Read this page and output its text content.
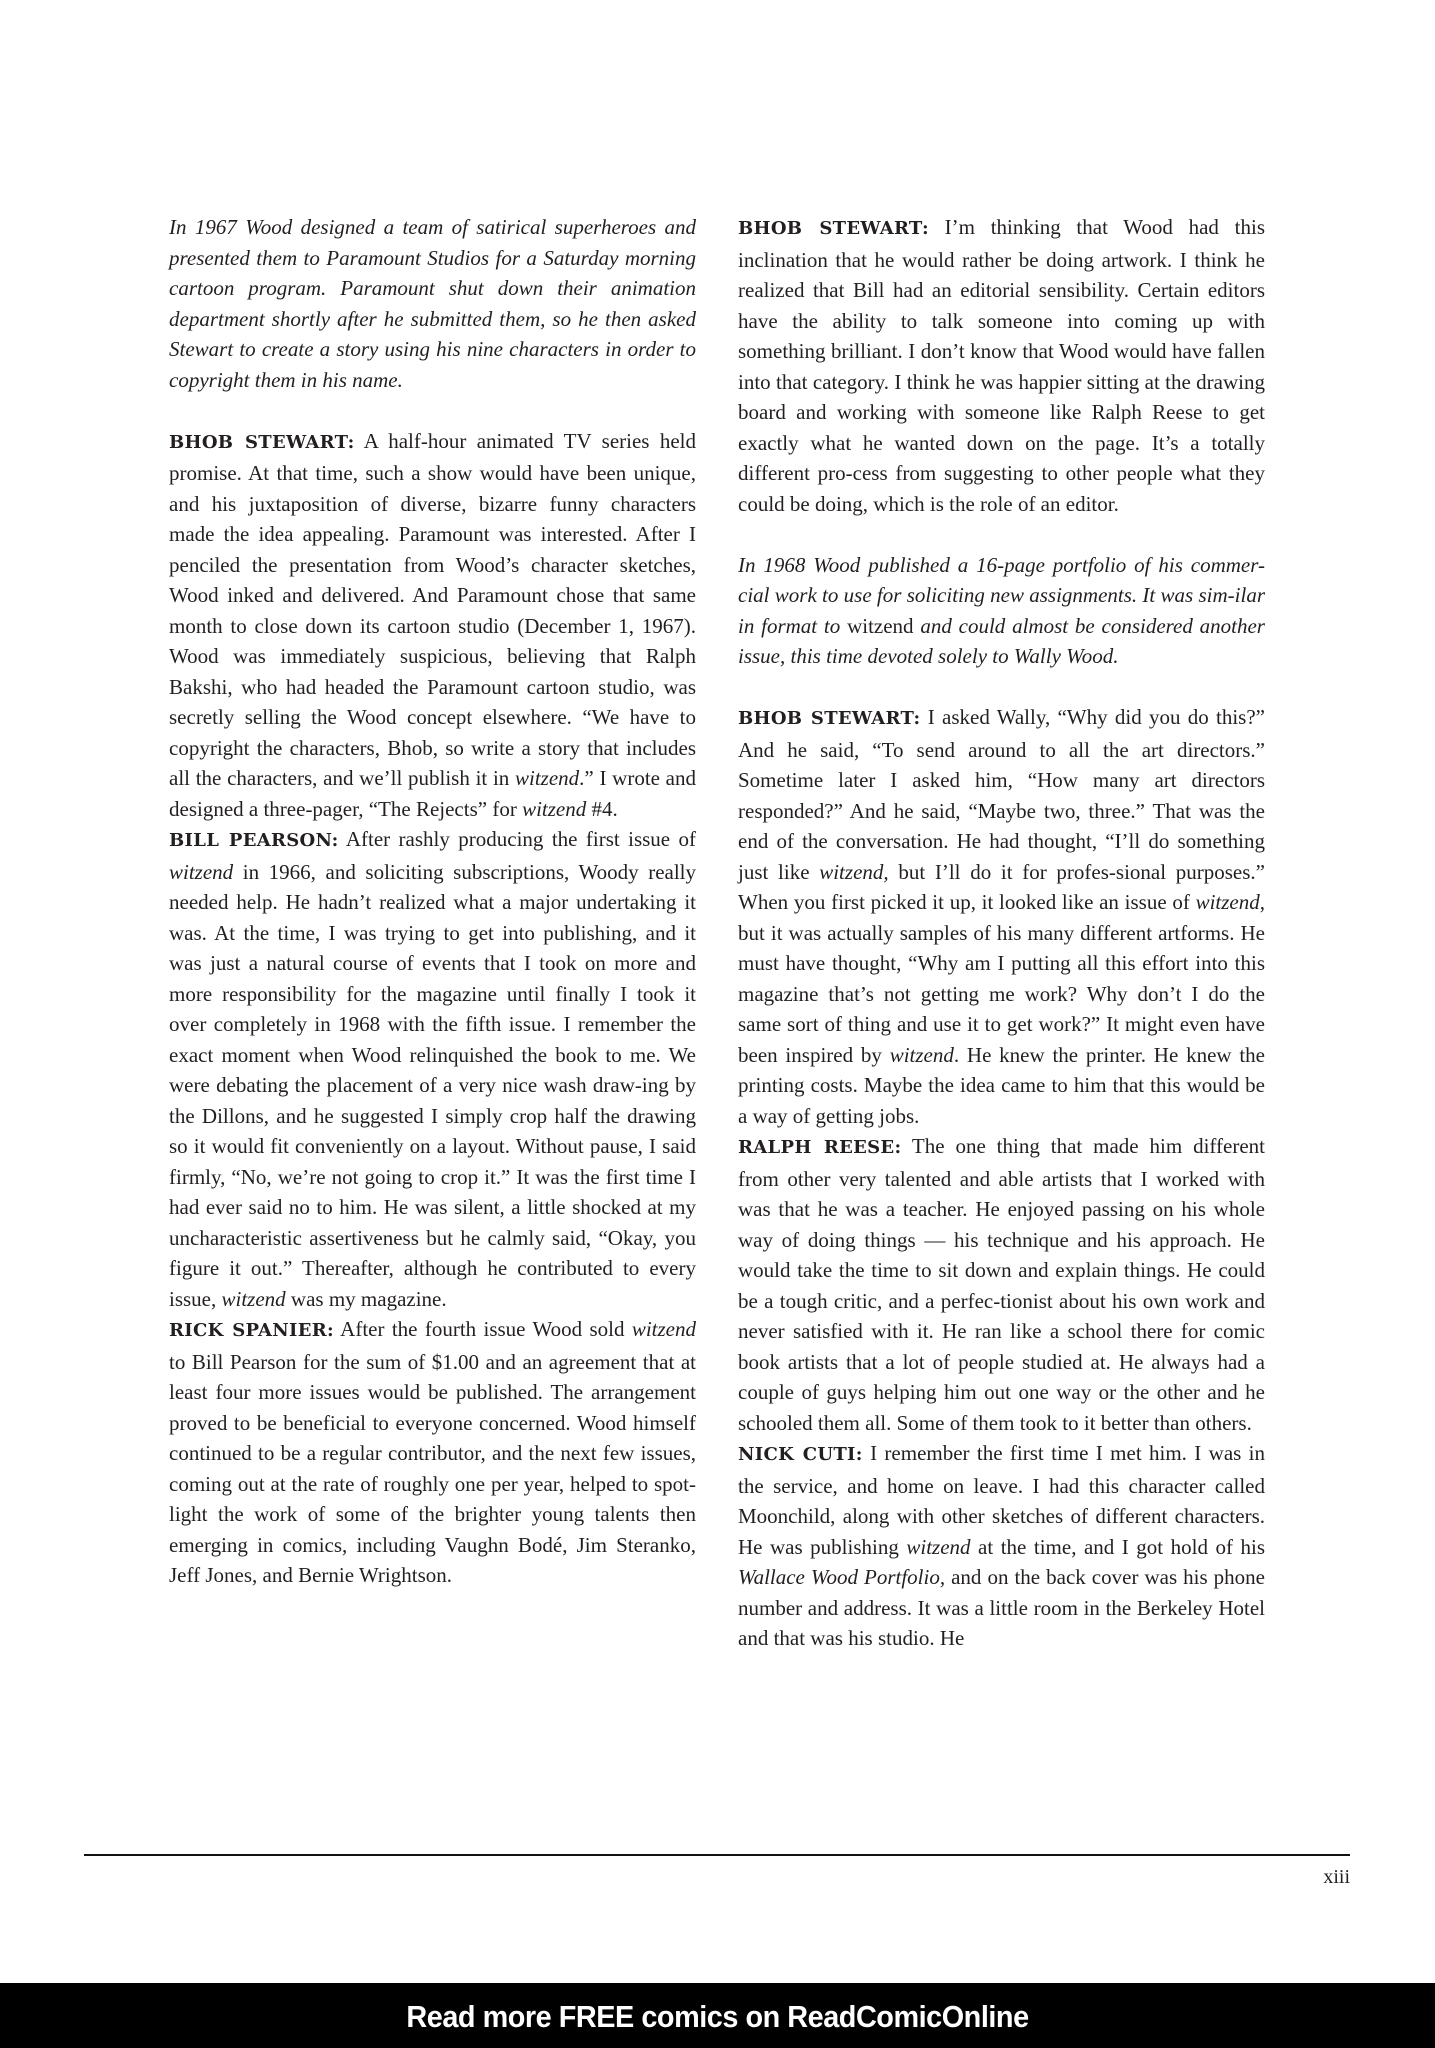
In 1967 Wood designed a team of satirical superheroes and presented them to Paramount Studios for a Saturday morning cartoon program. Paramount shut down their animation department shortly after he submitted them, so he then asked Stewart to create a story using his nine characters in order to copyright them in his name.

BHOB STEWART: A half-hour animated TV series held promise. At that time, such a show would have been unique, and his juxtaposition of diverse, bizarre funny characters made the idea appealing. Paramount was interested. After I penciled the presentation from Wood’s character sketches, Wood inked and delivered. And Paramount chose that same month to close down its cartoon studio (December 1, 1967). Wood was immediately suspicious, believing that Ralph Bakshi, who had headed the Paramount cartoon studio, was secretly selling the Wood concept elsewhere. “We have to copyright the characters, Bhob, so write a story that includes all the characters, and we’ll publish it in witzend.” I wrote and designed a three-pager, “The Rejects” for witzend #4.

BILL PEARSON: After rashly producing the first issue of witzend in 1966, and soliciting subscriptions, Woody really needed help. He hadn’t realized what a major undertaking it was. At the time, I was trying to get into publishing, and it was just a natural course of events that I took on more and more responsibility for the magazine until finally I took it over completely in 1968 with the fifth issue. I remember the exact moment when Wood relinquished the book to me. We were debating the placement of a very nice wash draw-ing by the Dillons, and he suggested I simply crop half the drawing so it would fit conveniently on a layout. Without pause, I said firmly, “No, we’re not going to crop it.” It was the first time I had ever said no to him. He was silent, a little shocked at my uncharacteristic assertiveness but he calmly said, “Okay, you figure it out.” Thereafter, although he contributed to every issue, witzend was my magazine.

RICK SPANIER: After the fourth issue Wood sold witzend to Bill Pearson for the sum of $1.00 and an agreement that at least four more issues would be published. The arrangement proved to be beneficial to everyone concerned. Wood himself continued to be a regular contributor, and the next few issues, coming out at the rate of roughly one per year, helped to spot-light the work of some of the brighter young talents then emerging in comics, including Vaughn Bodé, Jim Steranko, Jeff Jones, and Bernie Wrightson.

BHOB STEWART: I’m thinking that Wood had this inclination that he would rather be doing artwork. I think he realized that Bill had an editorial sensibility. Certain editors have the ability to talk someone into coming up with something brilliant. I don’t know that Wood would have fallen into that category. I think he was happier sitting at the drawing board and working with someone like Ralph Reese to get exactly what he wanted down on the page. It’s a totally different pro-cess from suggesting to other people what they could be doing, which is the role of an editor.

In 1968 Wood published a 16-page portfolio of his commer-cial work to use for soliciting new assignments. It was sim-ilar in format to witzend and could almost be considered another issue, this time devoted solely to Wally Wood.

BHOB STEWART: I asked Wally, “Why did you do this?” And he said, “To send around to all the art directors.” Sometime later I asked him, “How many art directors responded?” And he said, “Maybe two, three.” That was the end of the conversation. He had thought, “I’ll do something just like witzend, but I’ll do it for profes-sional purposes.” When you first picked it up, it looked like an issue of witzend, but it was actually samples of his many different artforms. He must have thought, “Why am I putting all this effort into this magazine that’s not getting me work? Why don’t I do the same sort of thing and use it to get work?” It might even have been inspired by witzend. He knew the printer. He knew the printing costs. Maybe the idea came to him that this would be a way of getting jobs.

RALPH REESE: The one thing that made him different from other very talented and able artists that I worked with was that he was a teacher. He enjoyed passing on his whole way of doing things — his technique and his approach. He would take the time to sit down and explain things. He could be a tough critic, and a perfec-tionist about his own work and never satisfied with it. He ran like a school there for comic book artists that a lot of people studied at. He always had a couple of guys helping him out one way or the other and he schooled them all. Some of them took to it better than others.

NICK CUTI: I remember the first time I met him. I was in the service, and home on leave. I had this character called Moonchild, along with other sketches of different characters. He was publishing witzend at the time, and I got hold of his Wallace Wood Portfolio, and on the back cover was his phone number and address. It was a little room in the Berkeley Hotel and that was his studio. He

xiii
Read more FREE comics on ReadComicOnline
